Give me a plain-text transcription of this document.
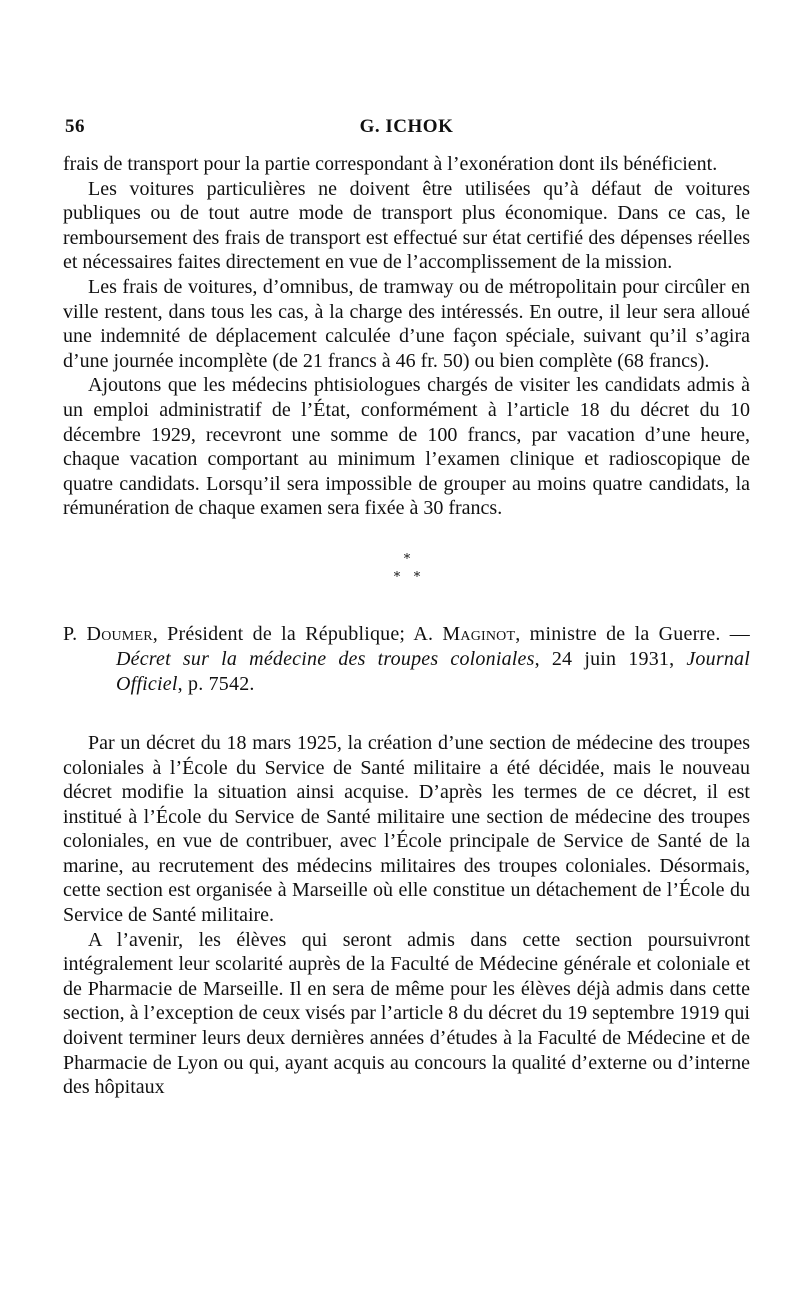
56	G. ICHOK

frais de transport pour la partie correspondant à l’exonération dont ils bénéficient.

Les voitures particulières ne doivent être utilisées qu’à défaut de voitures publiques ou de tout autre mode de transport plus économique. Dans ce cas, le remboursement des frais de transport est effectué sur état certifié des dépenses réelles et nécessaires faites directement en vue de l’accomplissement de la mission.

Les frais de voitures, d’omnibus, de tramway ou de métropolitain pour circûler en ville restent, dans tous les cas, à la charge des intéressés. En outre, il leur sera alloué une indemnité de déplacement calculée d’une façon spéciale, suivant qu’il s’agira d’une journée incomplète (de 21 francs à 46 fr. 50) ou bien complète (68 francs).

Ajoutons que les médecins phtisiologues chargés de visiter les candidats admis à un emploi administratif de l’État, conformément à l’article 18 du décret du 10 décembre 1929, recevront une somme de 100 francs, par vacation d’une heure, chaque vacation comportant au minimum l’examen clinique et radioscopique de quatre candidats. Lorsqu’il sera impossible de grouper au moins quatre candidats, la rémunération de chaque examen sera fixée à 30 francs.

*
* *

P. Doumer, Président de la République; A. Maginot, ministre de la Guerre. — Décret sur la médecine des troupes coloniales, 24 juin 1931, Journal Officiel, p. 7542.

Par un décret du 18 mars 1925, la création d’une section de médecine des troupes coloniales à l’École du Service de Santé militaire a été décidée, mais le nouveau décret modifie la situation ainsi acquise. D’après les termes de ce décret, il est institué à l’École du Service de Santé militaire une section de médecine des troupes coloniales, en vue de contribuer, avec l’École principale de Service de Santé de la marine, au recrutement des médecins militaires des troupes coloniales. Désormais, cette section est organisée à Marseille où elle constitue un détachement de l’École du Service de Santé militaire.

A l’avenir, les élèves qui seront admis dans cette section poursuivront intégralement leur scolarité auprès de la Faculté de Médecine générale et coloniale et de Pharmacie de Marseille. Il en sera de même pour les élèves déjà admis dans cette section, à l’exception de ceux visés par l’article 8 du décret du 19 septembre 1919 qui doivent terminer leurs deux dernières années d’études à la Faculté de Médecine et de Pharmacie de Lyon ou qui, ayant acquis au concours la qualité d’externe ou d’interne des hôpitaux
